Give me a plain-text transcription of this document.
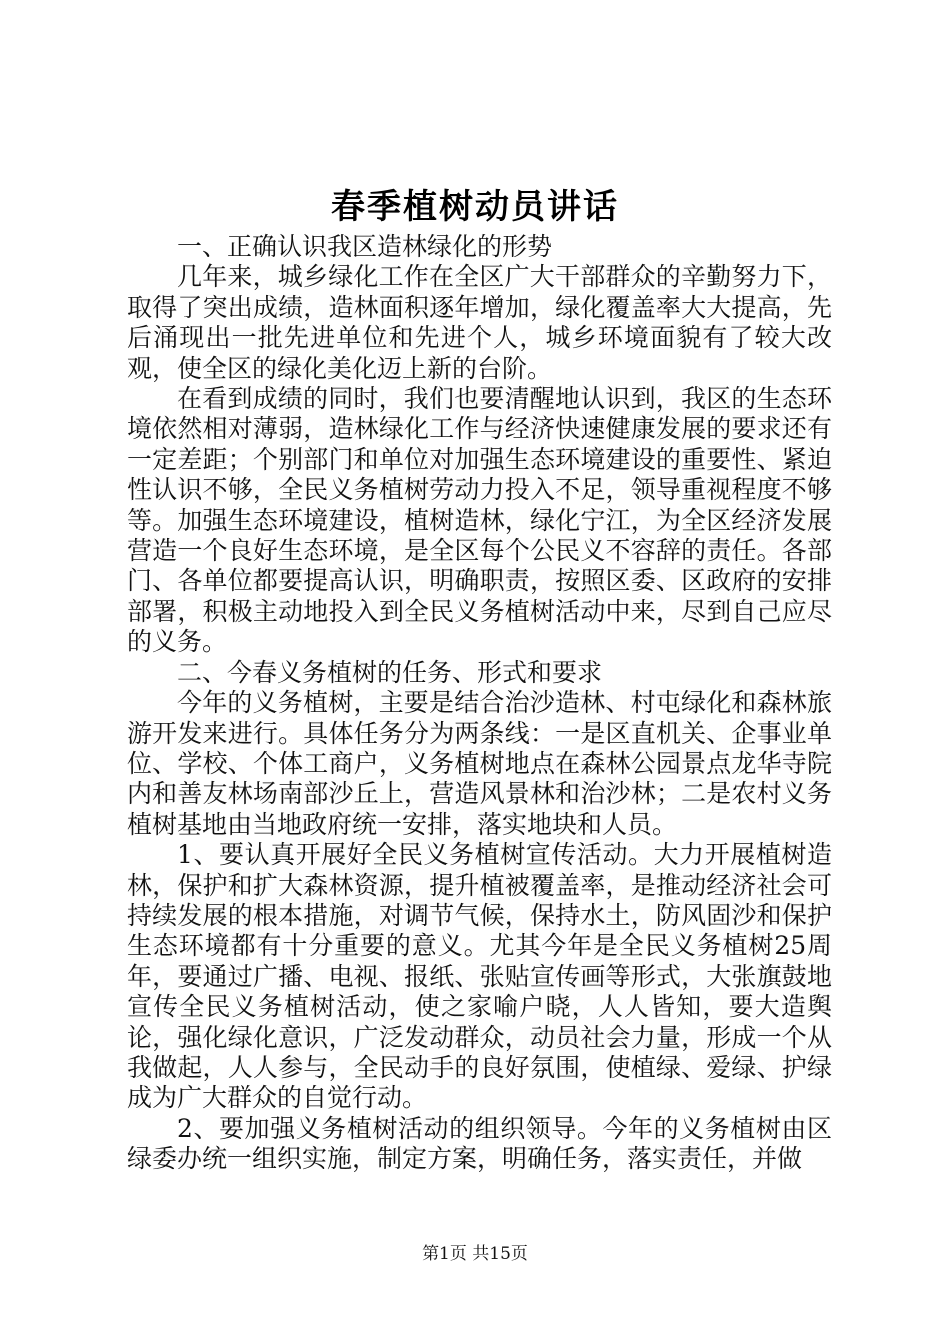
春季植树动员讲话

一、正确认识我区造林绿化的形势

几年来，城乡绿化工作在全区广大干部群众的辛勤努力下，取得了突出成绩，造林面积逐年增加，绿化覆盖率大大提高，先后涌现出一批先进单位和先进个人，城乡环境面貌有了较大改观，使全区的绿化美化迈上新的台阶。

在看到成绩的同时，我们也要清醒地认识到，我区的生态环境依然相对薄弱，造林绿化工作与经济快速健康发展的要求还有一定差距；个别部门和单位对加强生态环境建设的重要性、紧迫性认识不够，全民义务植树劳动力投入不足，领导重视程度不够等。加强生态环境建设，植树造林，绿化宁江，为全区经济发展营造一个良好生态环境，是全区每个公民义不容辞的责任。各部门、各单位都要提高认识，明确职责，按照区委、区政府的安排部署，积极主动地投入到全民义务植树活动中来，尽到自己应尽的义务。

二、今春义务植树的任务、形式和要求

今年的义务植树，主要是结合治沙造林、村屯绿化和森林旅游开发来进行。具体任务分为两条线：一是区直机关、企事业单位、学校、个体工商户，义务植树地点在森林公园景点龙华寺院内和善友林场南部沙丘上，营造风景林和治沙林；二是农村义务植树基地由当地政府统一安排，落实地块和人员。

1、要认真开展好全民义务植树宣传活动。大力开展植树造林，保护和扩大森林资源，提升植被覆盖率，是推动经济社会可持续发展的根本措施，对调节气候，保持水土，防风固沙和保护生态环境都有十分重要的意义。尤其今年是全民义务植树25周年，要通过广播、电视、报纸、张贴宣传画等形式，大张旗鼓地宣传全民义务植树活动，使之家喻户晓，人人皆知，要大造舆论，强化绿化意识，广泛发动群众，动员社会力量，形成一个从我做起，人人参与，全民动手的良好氛围，使植绿、爱绿、护绿成为广大群众的自觉行动。

2、要加强义务植树活动的组织领导。今年的义务植树由区绿委办统一组织实施，制定方案，明确任务，落实责任，并做

第1页 共15页
